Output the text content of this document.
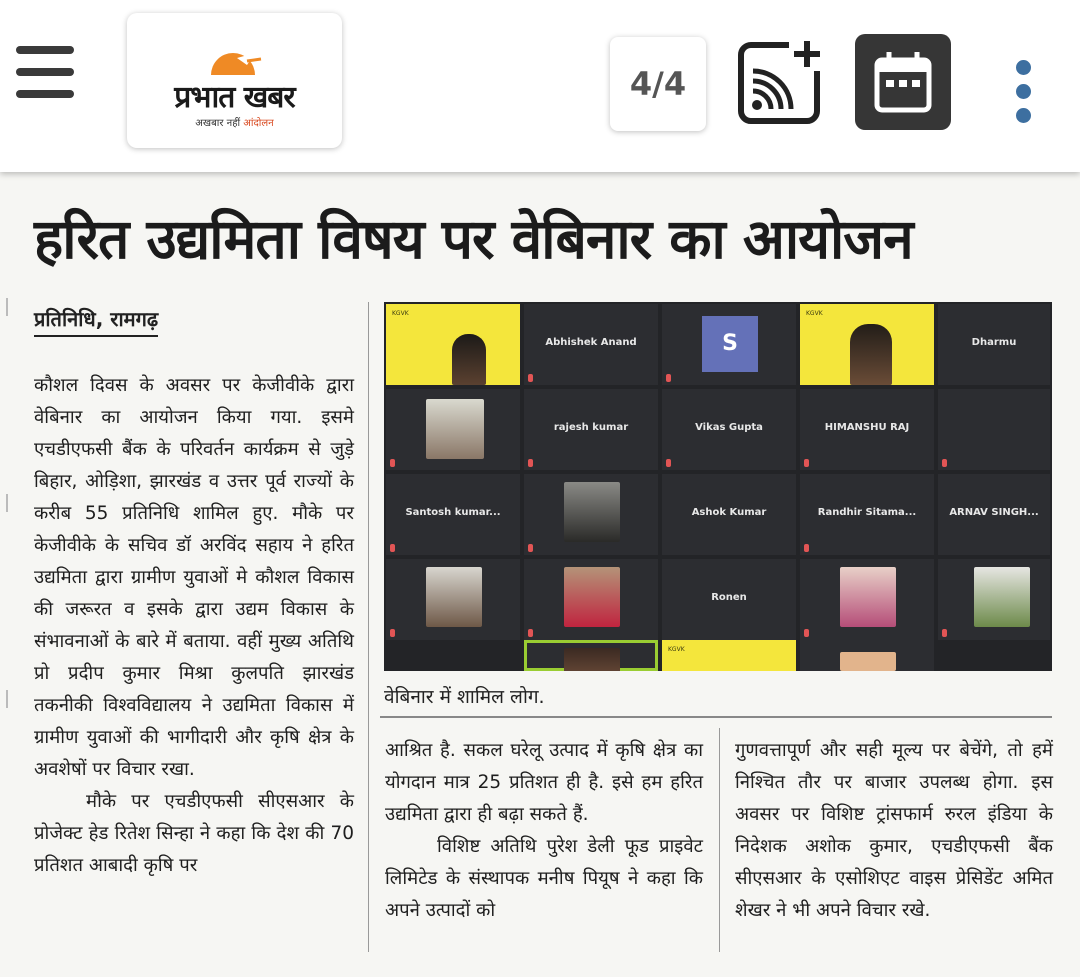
प्रभात खबर
अखबार नहीं आंदोलन
4/4
हरित उद्यमिता विषय पर वेबिनार का आयोजन
प्रतिनिधि, रामगढ़

कौशल दिवस के अवसर पर केजीवीके द्वारा वेबिनार का आयोजन किया गया. इसमे एचडीएफसी बैंक के परिवर्तन कार्यक्रम से जुड़े बिहार, ओड़िशा, झारखंड व उत्तर पूर्व राज्यों के करीब 55 प्रतिनिधि शामिल हुए. मौके पर केजीवीके के सचिव डॉ अरविंद सहाय ने हरित उद्यमिता द्वारा ग्रामीण युवाओं मे कौशल विकास की जरूरत व इसके द्वारा उद्यम विकास के संभावनाओं के बारे में बताया. वहीं मुख्य अतिथि प्रो प्रदीप कुमार मिश्रा कुलपति झारखंड तकनीकी विश्वविद्यालय ने उद्यमिता विकास में ग्रामीण युवाओं की भागीदारी और कृषि क्षेत्र के अवशेषों पर विचार रखा.

मौके पर एचडीएफसी सीएसआर के प्रोजेक्ट हेड रितेश सिन्हा ने कहा कि देश की 70 प्रतिशत आबादी कृषि पर

KGVK
Abhishek Anand	S
KGVK
Dharmu
rajesh kumar	Vikas Gupta	HIMANSHU RAJ
Santosh kumar...	Ashok Kumar	Randhir Sitama...	ARNAV SINGH...
Ronen
KGVK
वेबिनार में शामिल लोग.

आश्रित है. सकल घरेलू उत्पाद में कृषि क्षेत्र का योगदान मात्र 25 प्रतिशत ही है. इसे हम हरित उद्यमिता द्वारा ही बढ़ा सकते हैं.

विशिष्ट अतिथि पुरेश डेली फूड प्राइवेट लिमिटेड के संस्थापक मनीष पियूष ने कहा कि अपने उत्पादों को

गुणवत्तापूर्ण और सही मूल्य पर बेचेंगे, तो हमें निश्चित तौर पर बाजार उपलब्ध होगा. इस अवसर पर विशिष्ट ट्रांसफार्म रुरल इंडिया के निदेशक अशोक कुमार, एचडीएफसी बैंक सीएसआर के एसोशिएट वाइस प्रेसिडेंट अमित शेखर ने भी अपने विचार रखे.
